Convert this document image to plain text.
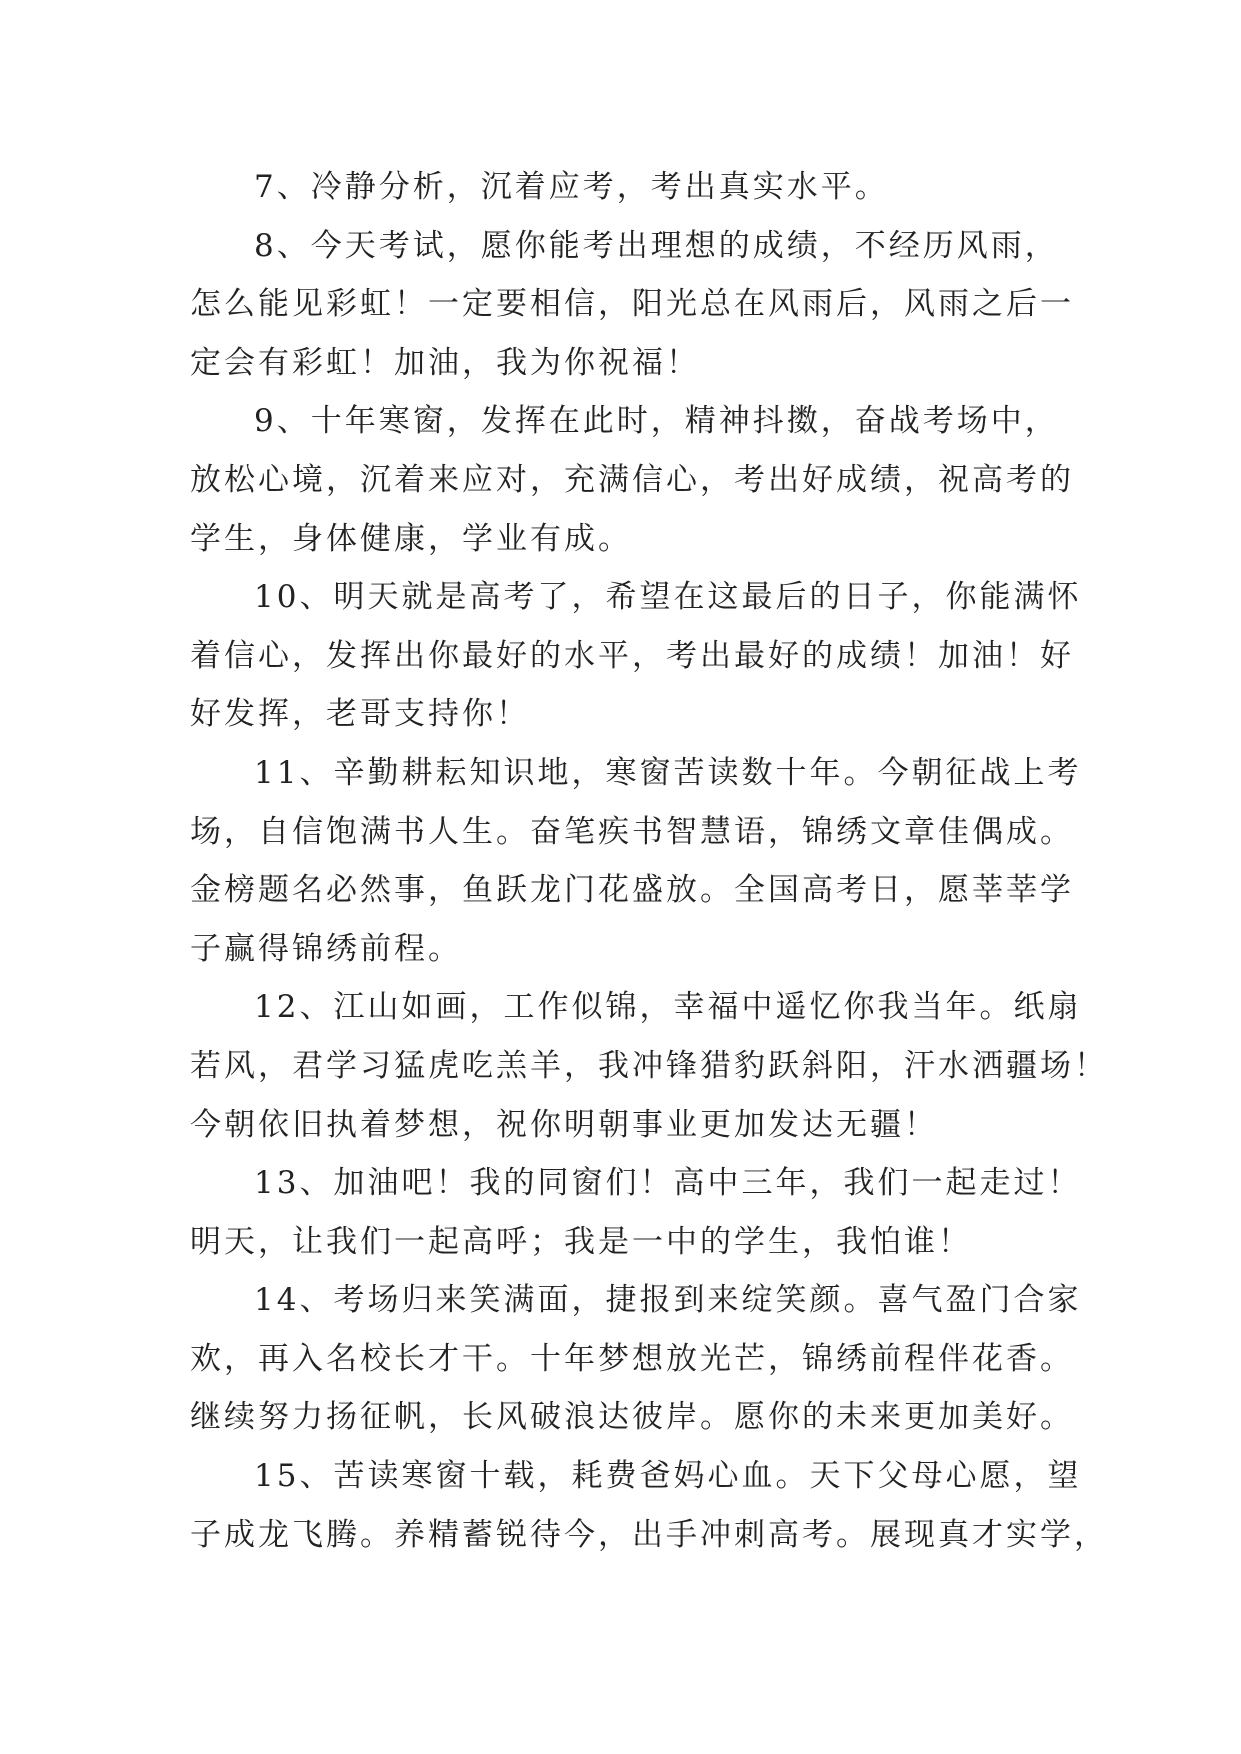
7、冷静分析，沉着应考，考出真实水平。
8、今天考试，愿你能考出理想的成绩，不经历风雨，
怎么能见彩虹！一定要相信，阳光总在风雨后，风雨之后一
定会有彩虹！加油，我为你祝福！
9、十年寒窗，发挥在此时，精神抖擞，奋战考场中，
放松心境，沉着来应对，充满信心，考出好成绩，祝高考的
学生，身体健康，学业有成。
10、明天就是高考了，希望在这最后的日子，你能满怀
着信心，发挥出你最好的水平，考出最好的成绩！加油！好
好发挥，老哥支持你！
11、辛勤耕耘知识地，寒窗苦读数十年。今朝征战上考
场，自信饱满书人生。奋笔疾书智慧语，锦绣文章佳偶成。
金榜题名必然事，鱼跃龙门花盛放。全国高考日，愿莘莘学
子赢得锦绣前程。
12、江山如画，工作似锦，幸福中遥忆你我当年。纸扇
若风，君学习猛虎吃羔羊，我冲锋猎豹跃斜阳，汗水洒疆场！
今朝依旧执着梦想，祝你明朝事业更加发达无疆！
13、加油吧！我的同窗们！高中三年，我们一起走过！
明天，让我们一起高呼；我是一中的学生，我怕谁！
14、考场归来笑满面，捷报到来绽笑颜。喜气盈门合家
欢，再入名校长才干。十年梦想放光芒，锦绣前程伴花香。
继续努力扬征帆，长风破浪达彼岸。愿你的未来更加美好。
15、苦读寒窗十载，耗费爸妈心血。天下父母心愿，望
子成龙飞腾。养精蓄锐待今，出手冲刺高考。展现真才实学，
